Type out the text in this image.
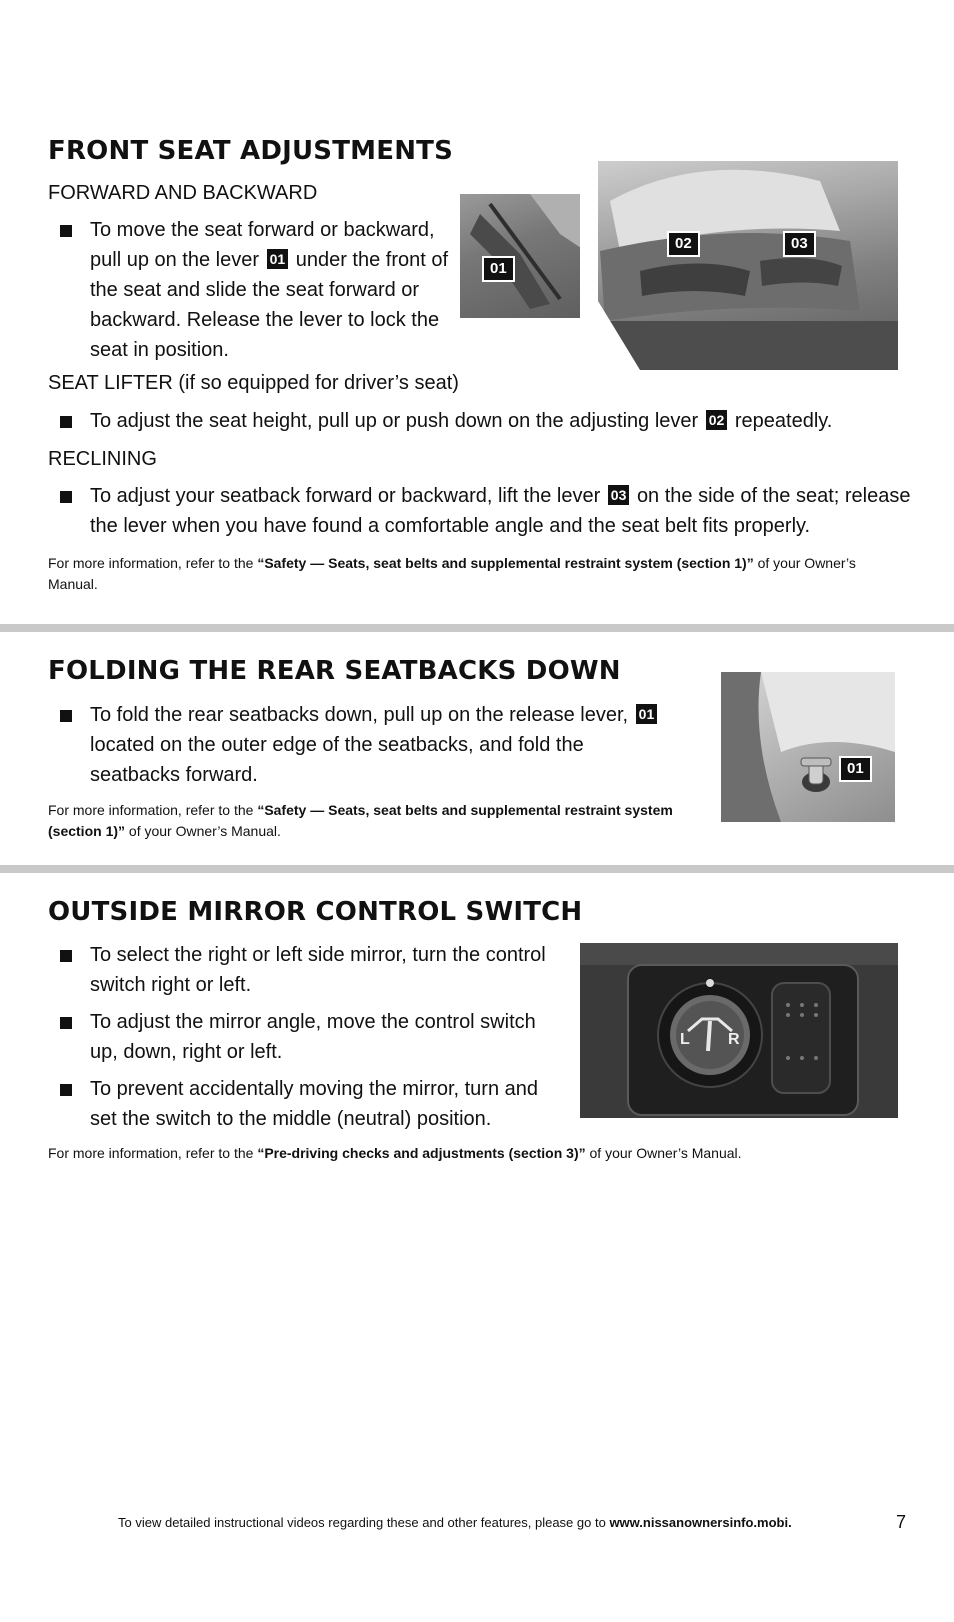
FRONT SEAT ADJUSTMENTS
FORWARD AND BACKWARD
To move the seat forward or backward, pull up on the lever 01 under the front of the seat and slide the seat forward or backward. Release the lever to lock the seat in position.
01
02	03
SEAT LIFTER (if so equipped for driver’s seat)
To adjust the seat height, pull up or push down on the adjusting lever 02 repeatedly.
RECLINING
To adjust your seatback forward or backward, lift the lever 03 on the side of the seat; release the lever when you have found a comfortable angle and the seat belt fits properly.
For more information, refer to the “Safety — Seats, seat belts and supplemental restraint system (section 1)” of your Owner’s Manual.
FOLDING THE REAR SEATBACKS DOWN
To fold the rear seatbacks down, pull up on the release lever, 01 located on the outer edge of the seatbacks, and fold the seatbacks forward.
For more information, refer to the “Safety — Seats, seat belts and supplemental restraint system (section 1)” of your Owner’s Manual.
01
OUTSIDE MIRROR CONTROL SWITCH
To select the right or left side mirror, turn the control switch right or left.
To adjust the mirror angle, move the control switch up, down, right or left.
To prevent accidentally moving the mirror, turn and set the switch to the middle (neutral) position.
L R
For more information, refer to the “Pre-driving checks and adjustments (section 3)” of your Owner’s Manual.
To view detailed instructional videos regarding these and other features, please go to www.nissanownersinfo.mobi.	7
